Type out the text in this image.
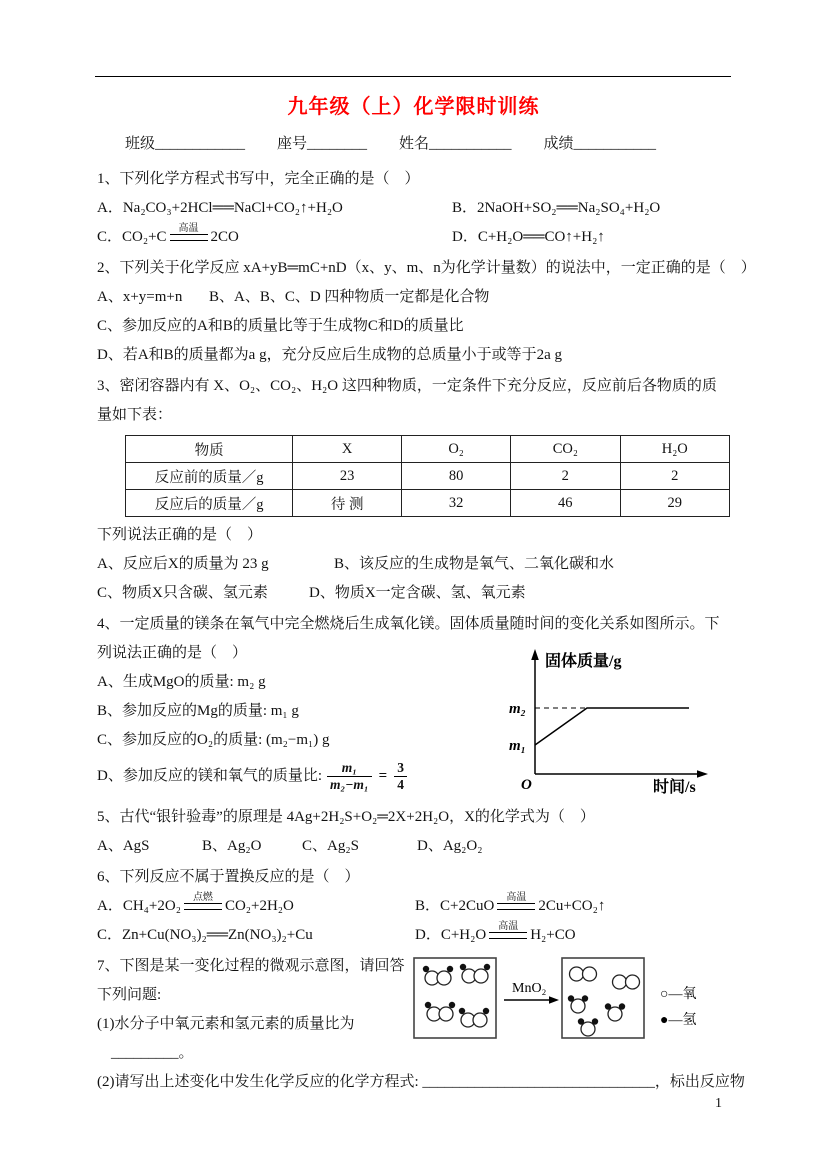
九年级（上）化学限时训练

班级____________ 座号________ 姓名___________ 成绩___________

1、下列化学方程式书写中，完全正确的是（　）

A．Na₂CO₃+2HCl══NaCl+CO₂↑+H₂O	B．2NaOH+SO₂══Na₂SO₄+H₂O

C．CO₂+C
高温
2CO	D．C+H₂O══CO↑+H₂↑

2、下列关于化学反应 xA+yB═mC+nD（x、y、m、n为化学计量数）的说法中，一定正确的是（　）

A、x+y=m+n B、A、B、C、D 四种物质一定都是化合物

C、参加反应的A和B的质量比等于生成物C和D的质量比

D、若A和B的质量都为a g，充分反应后生成物的总质量小于或等于2a g

3、密闭容器内有 X、O₂、CO₂、H₂O 这四种物质，一定条件下充分反应，反应前后各物质的质量如下表：

物质	X	O₂	CO₂	H₂O
反应前的质量／g	23	80	2	2
反应后的质量／g	待 测	32	46	29

下列说法正确的是（　）

A、反应后X的质量为 23 g	B、该反应的生成物是氧气、二氧化碳和水

C、物质X只含碳、氢元素	D、物质X一定含碳、氢、氧元素

4、一定质量的镁条在氧气中完全燃烧后生成氧化镁。固体质量随时间的变化关系如图所示。下列说法正确的是（　）

A、生成MgO的质量: m₂ g

B、参加反应的Mg的质量: m₁ g

C、参加反应的O₂的质量: (m₂−m₁) g

D、参加反应的镁和氧气的质量比: $\frac{\text{m₁}}{\text{m₂−m₁}} = \frac{3}{4}$

固体质量/g
时间/s
m₂
m₁
O

5、古代“银针验毒”的原理是 4Ag+2H₂S+O₂═2X+2H₂O，X的化学式为（　）

A、AgS	B、Ag₂O	C、Ag₂S	D、Ag₂O₂

6、下列反应不属于置换反应的是（　）

A．CH₄+2O₂
点燃
CO₂+2H₂O	B．C+2CuO
高温
2Cu+CO₂↑

C．Zn+Cu(NO₃)₂══Zn(NO₃)₂+Cu	D．C+H₂O
高温
H₂+CO

7、下图是某一变化过程的微观示意图，请回答下列问题:

(1)水分子中氧元素和氢元素的质量比为

_________。

MnO₂	○—氧
●—氢

(2)请写出上述变化中发生化学反应的化学方程式: _______________________________，标出反应物

1
